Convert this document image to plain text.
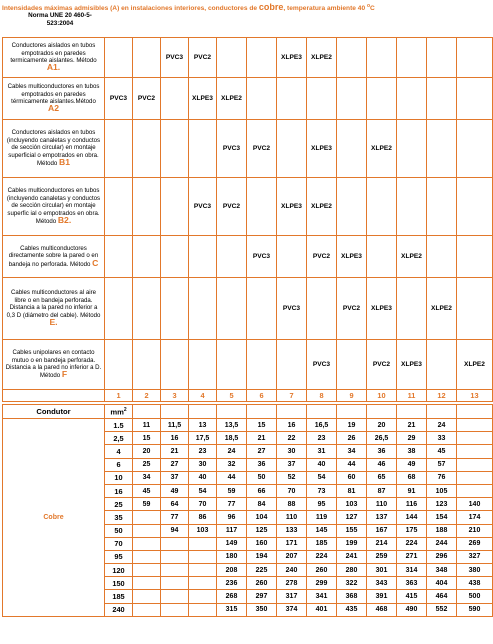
Intensidades máximas admisibles (A) en instalaciones interiores, conductores de cobre, temperatura ambiente 40 $^o$C
Norma UNE 20 460-5-
523:2004
Conductores aislados en tubos empotrados en paredes termicamente aislantes. Método A1.			PVC3	PVC2			XLPE3	XLPE2					
Cables multiconductores en tubos empotrados en paredes térmicamente aislantes.Método A2	PVC3	PVC2		XLPE3	XLPE2								
Conductores aislados en tubos (incluyendo canaletas y conductos de sección circular) en montaje superficial o empotrados en obra. Método B1					PVC3	PVC2		XLPE3		XLPE2			
Cables multiconductores en tubos (incluyendo canaletas y conductos de sección circular) en montaje superfic ial o empotrados en obra. Método B2.				PVC3	PVC2		XLPE3	XLPE2					
Cables multiconductores directamente sobre la pared o en bandeja no perforada. Método C						PVC3		PVC2	XLPE3		XLPE2		
Cables multiconductores al aire libre o en bandeja perforada. Distancia a la pared no inferior a 0,3 D (diámetro del cable). Método E.							PVC3		PVC2	XLPE3		XLPE2	
Cables unipolares en contacto mutuo o en bandeja perforada. Distancia a la pared no inferior a D. Método F								PVC3		PVC2	XLPE3		XLPE2
	1	2	3	4	5	6	7	8	9	10	11	12	13

Condutor	$mm^2$												
Cobre	1.5	11	11,5	13	13,5	15	16	16,5	19	20	21	24	
	2,5	15	16	17,5	18,5	21	22	23	26	26,5	29	33	
	4	20	21	23	24	27	30	31	34	36	38	45	
	6	25	27	30	32	36	37	40	44	46	49	57	
	10	34	37	40	44	50	52	54	60	65	68	76	
	16	45	49	54	59	66	70	73	81	87	91	105	
	25	59	64	70	77	84	88	95	103	110	116	123	140
	35		77	86	96	104	110	119	127	137	144	154	174
	50		94	103	117	125	133	145	155	167	175	188	210
	70				149	160	171	185	199	214	224	244	269
	95				180	194	207	224	241	259	271	296	327
	120				208	225	240	260	280	301	314	348	380
	150				236	260	278	299	322	343	363	404	438
	185				268	297	317	341	368	391	415	464	500
	240				315	350	374	401	435	468	490	552	590
